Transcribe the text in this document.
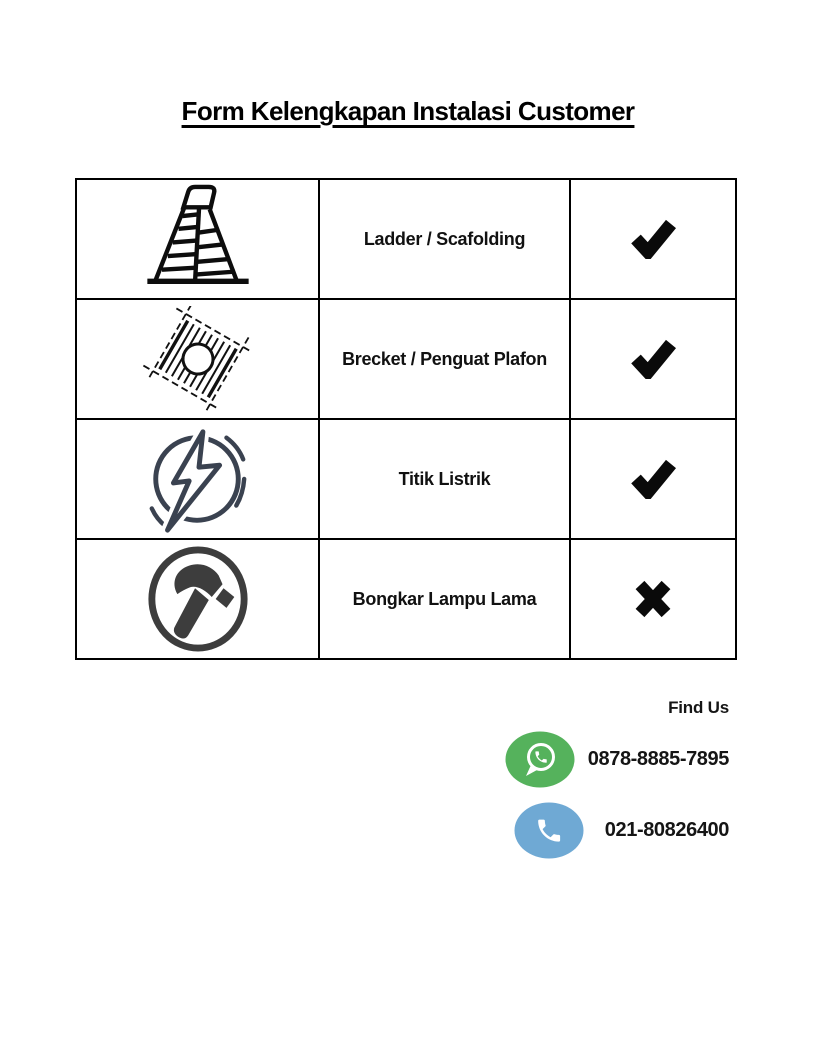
Form Kelengkapan Instalasi Customer
	Ladder / Scafolding	

	Brecket / Penguat Plafon	

	Titik Listrik	

	Bongkar Lampu Lama	
Find Us
0878-8885-7895
021-80826400
